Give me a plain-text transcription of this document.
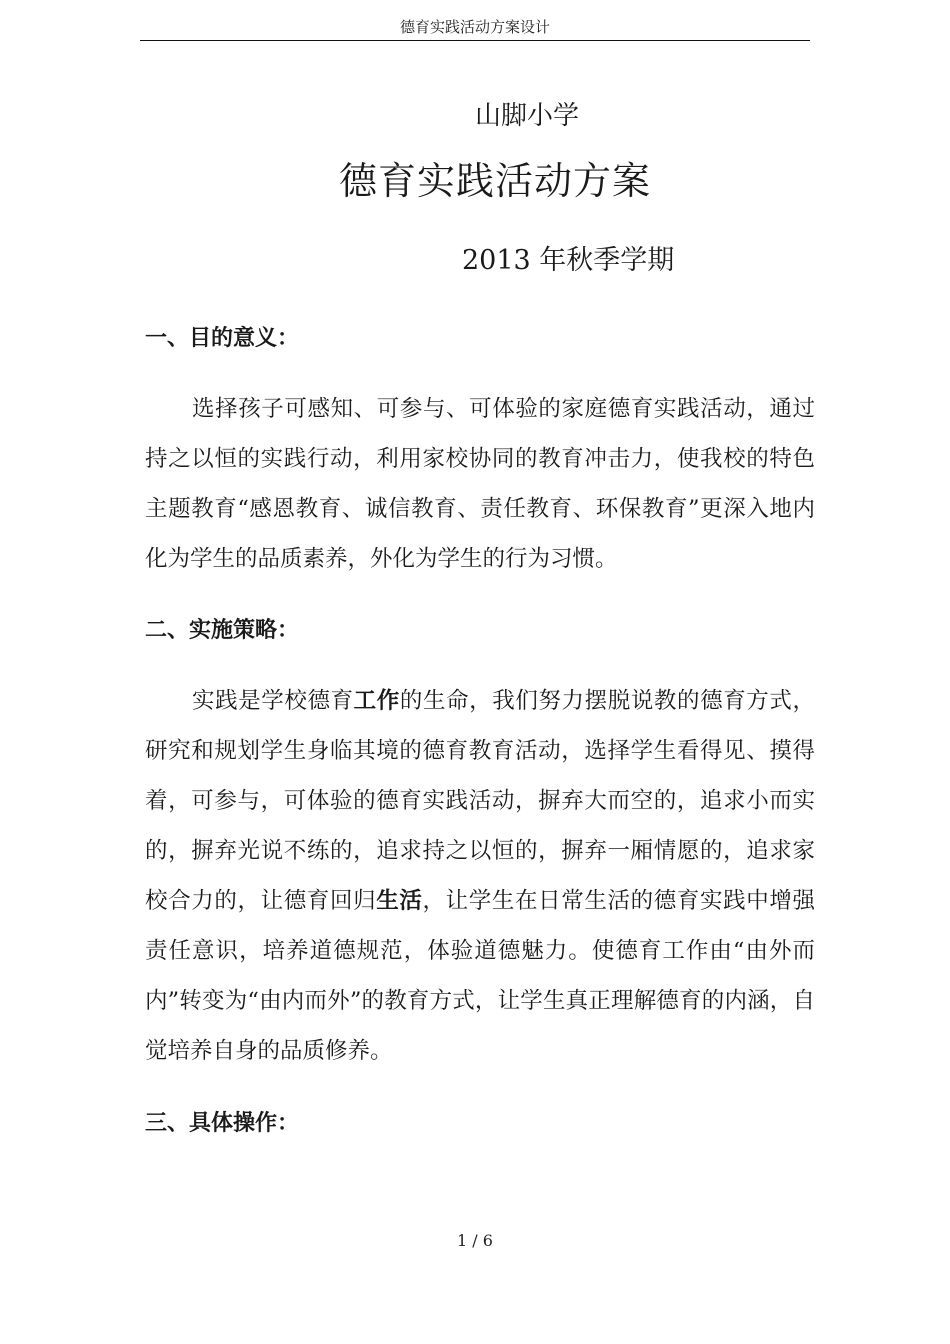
德育实践活动方案设计
山脚小学
德育实践活动方案
2013 年秋季学期
一、目的意义：

选择孩子可感知、可参与、可体验的家庭德育实践活动，通过持之以恒的实践行动，利用家校协同的教育冲击力，使我校的特色主题教育“感恩教育、诚信教育、责任教育、环保教育”更深入地内化为学生的品质素养，外化为学生的行为习惯。

二、实施策略：

实践是学校德育工作的生命，我们努力摆脱说教的德育方式，研究和规划学生身临其境的德育教育活动，选择学生看得见、摸得着，可参与，可体验的德育实践活动，摒弃大而空的，追求小而实的，摒弃光说不练的，追求持之以恒的，摒弃一厢情愿的，追求家校合力的，让德育回归生活，让学生在日常生活的德育实践中增强责任意识，培养道德规范，体验道德魅力。使德育工作由“由外而内”转变为“由内而外”的教育方式，让学生真正理解德育的内涵，自觉培养自身的品质修养。

三、具体操作：
1 / 6
